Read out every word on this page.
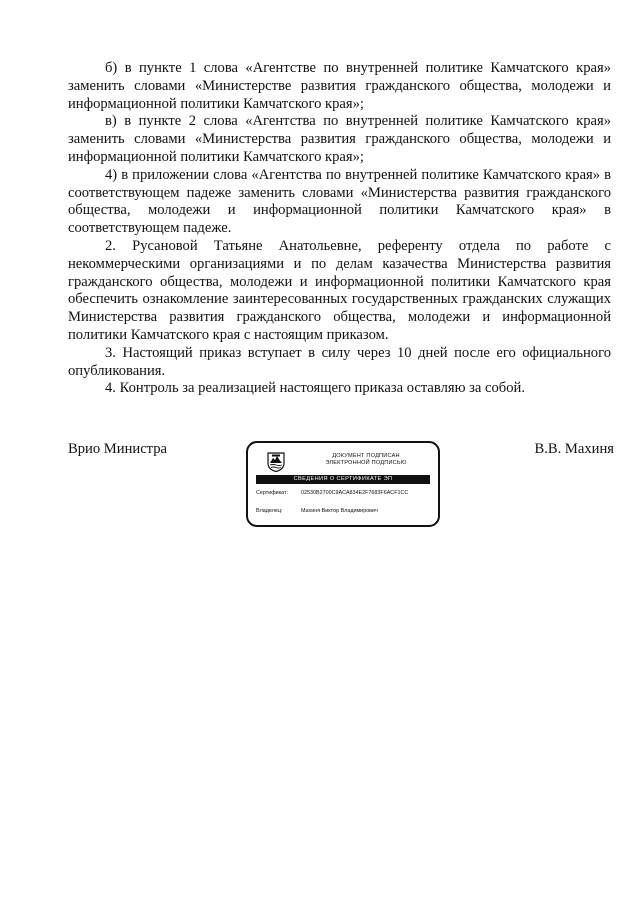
б) в пункте 1 слова «Агентстве по внутренней политике Камчатского края» заменить словами «Министерстве развития гражданского общества, молодежи и информационной политики Камчатского края»;

в) в пункте 2 слова «Агентства по внутренней политике Камчатского края» заменить словами «Министерства развития гражданского общества, молодежи и информационной политики Камчатского края»;

4) в приложении слова «Агентства по внутренней политике Камчатского края» в соответствующем падеже заменить словами «Министерства развития гражданского общества, молодежи и информационной политики Камчатского края» в соответствующем падеже.

2. Русановой Татьяне Анатольевне, референту отдела по работе с некоммерческими организациями и по делам казачества Министерства развития гражданского общества, молодежи и информационной политики Камчатского края обеспечить ознакомление заинтересованных государственных гражданских служащих Министерства развития гражданского общества, молодежи и информационной политики Камчатского края с настоящим приказом.

3. Настоящий приказ вступает в силу через 10 дней после его официального опубликования.

4. Контроль за реализацией настоящего приказа оставляю за собой.

Врио Министра	ДОКУМЕНТ ПОДПИСАН
ЭЛЕКТРОННОЙ ПОДПИСЬЮ
СВЕДЕНИЯ О СЕРТИФИКАТЕ ЭП
Сертификат: 02530B2700C9ACA834E2F7683F6ACF1CC
Владелец:	Махиня Виктор Владимирович
В.В. Махиня
